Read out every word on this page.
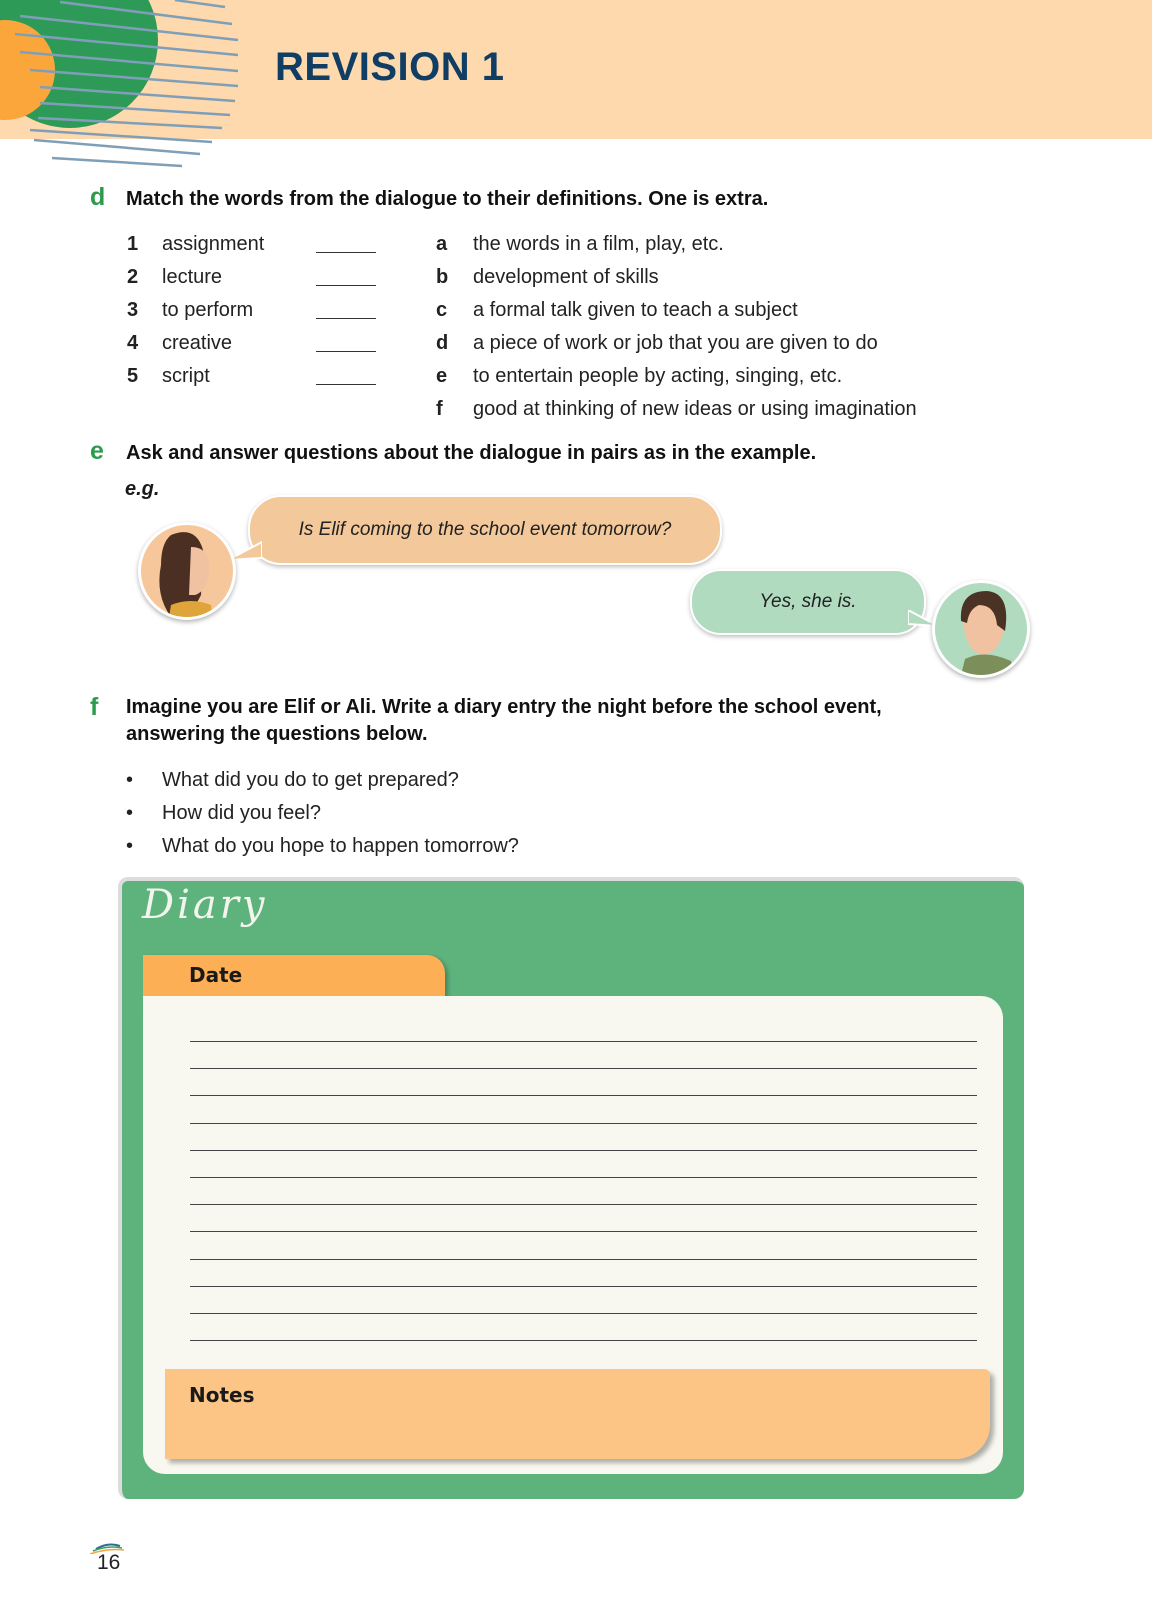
REVISION 1
d Match the words from the dialogue to their definitions. One is extra.
1 assignment
2 lecture
3 to perform
4 creative
5 script
a the words in a film, play, etc.
b development of skills
c a formal talk given to teach a subject
d a piece of work or job that you are given to do
e to entertain people by acting, singing, etc.
f good at thinking of new ideas or using imagination
e Ask and answer questions about the dialogue in pairs as in the example.
e.g.
Is Elif coming to the school event tomorrow?
Yes, she is.
f Imagine you are Elif or Ali. Write a diary entry the night before the school event,
answering the questions below.
• What did you do to get prepared?
• How did you feel?
• What do you hope to happen tomorrow?
Diary
Date
Notes
16
